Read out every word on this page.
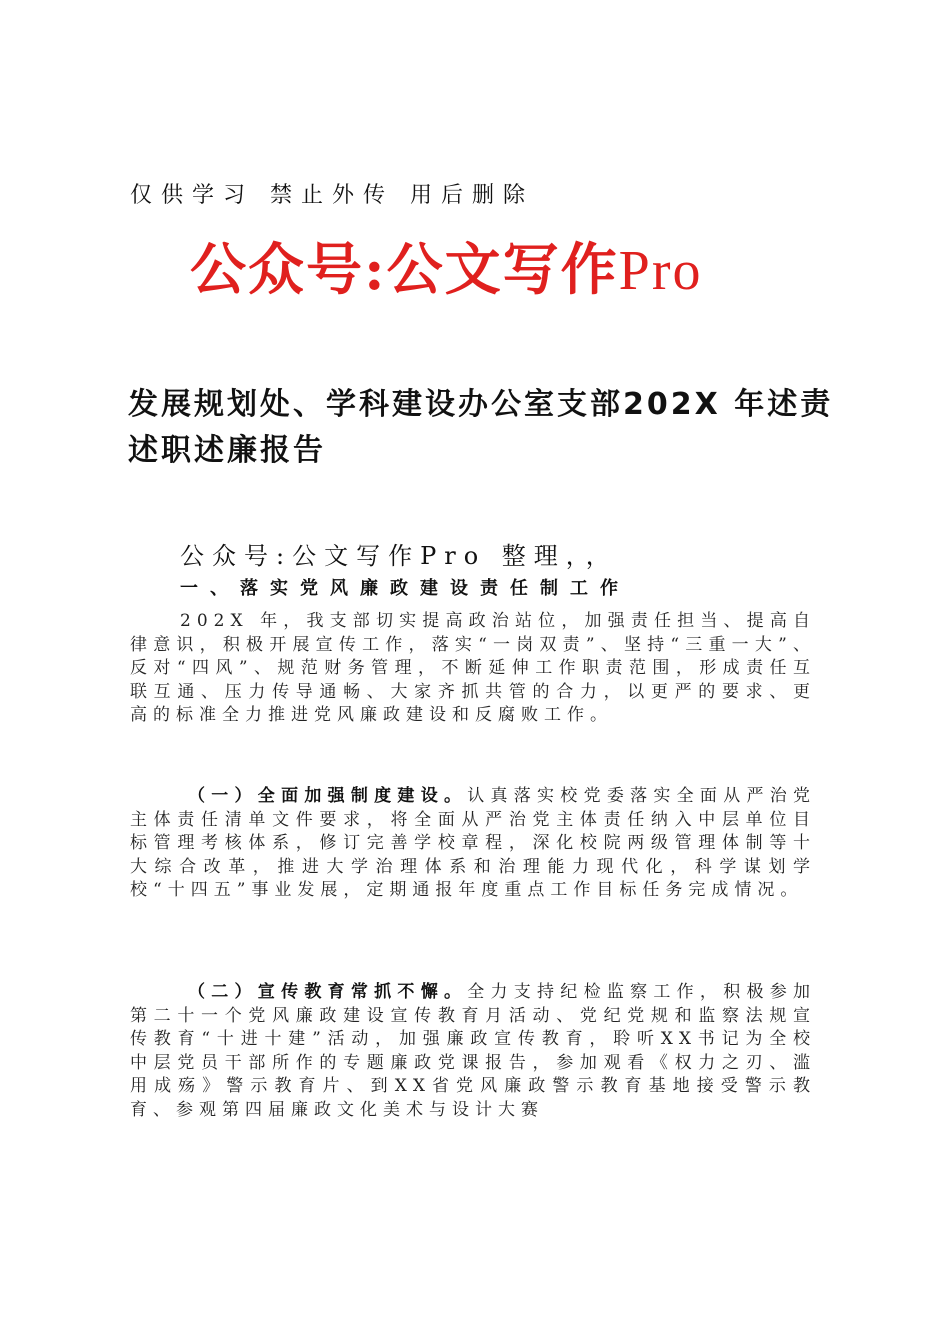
仅供学习 禁止外传 用后删除
公众号:公文写作Pro
发展规划处、学科建设办公室支部202X 年述责述职述廉报告
公众号:公文写作Pro 整理，，
一、落实党风廉政建设责任制工作
202X 年，我支部切实提高政治站位，加强责任担当、提高自律意识，积极开展宣传工作，落实“一岗双责”、坚持“三重一大”、反对“四风”、规范财务管理，不断延伸工作职责范围，形成责任互联互通、压力传导通畅、大家齐抓共管的合力，以更严的要求、更高的标准全力推进党风廉政建设和反腐败工作。
（一）全面加强制度建设。认真落实校党委落实全面从严治党主体责任清单文件要求，将全面从严治党主体责任纳入中层单位目标管理考核体系，修订完善学校章程，深化校院两级管理体制等十大综合改革，推进大学治理体系和治理能力现代化，科学谋划学校“十四五”事业发展，定期通报年度重点工作目标任务完成情况。
（二）宣传教育常抓不懈。全力支持纪检监察工作，积极参加第二十一个党风廉政建设宣传教育月活动、党纪党规和监察法规宣传教育“十进十建”活动，加强廉政宣传教育，聆听XX书记为全校中层党员干部所作的专题廉政党课报告，参加观看《权力之刃、滥用成殇》警示教育片、到XX省党风廉政警示教育基地接受警示教育、参观第四届廉政文化美术与设计大赛
